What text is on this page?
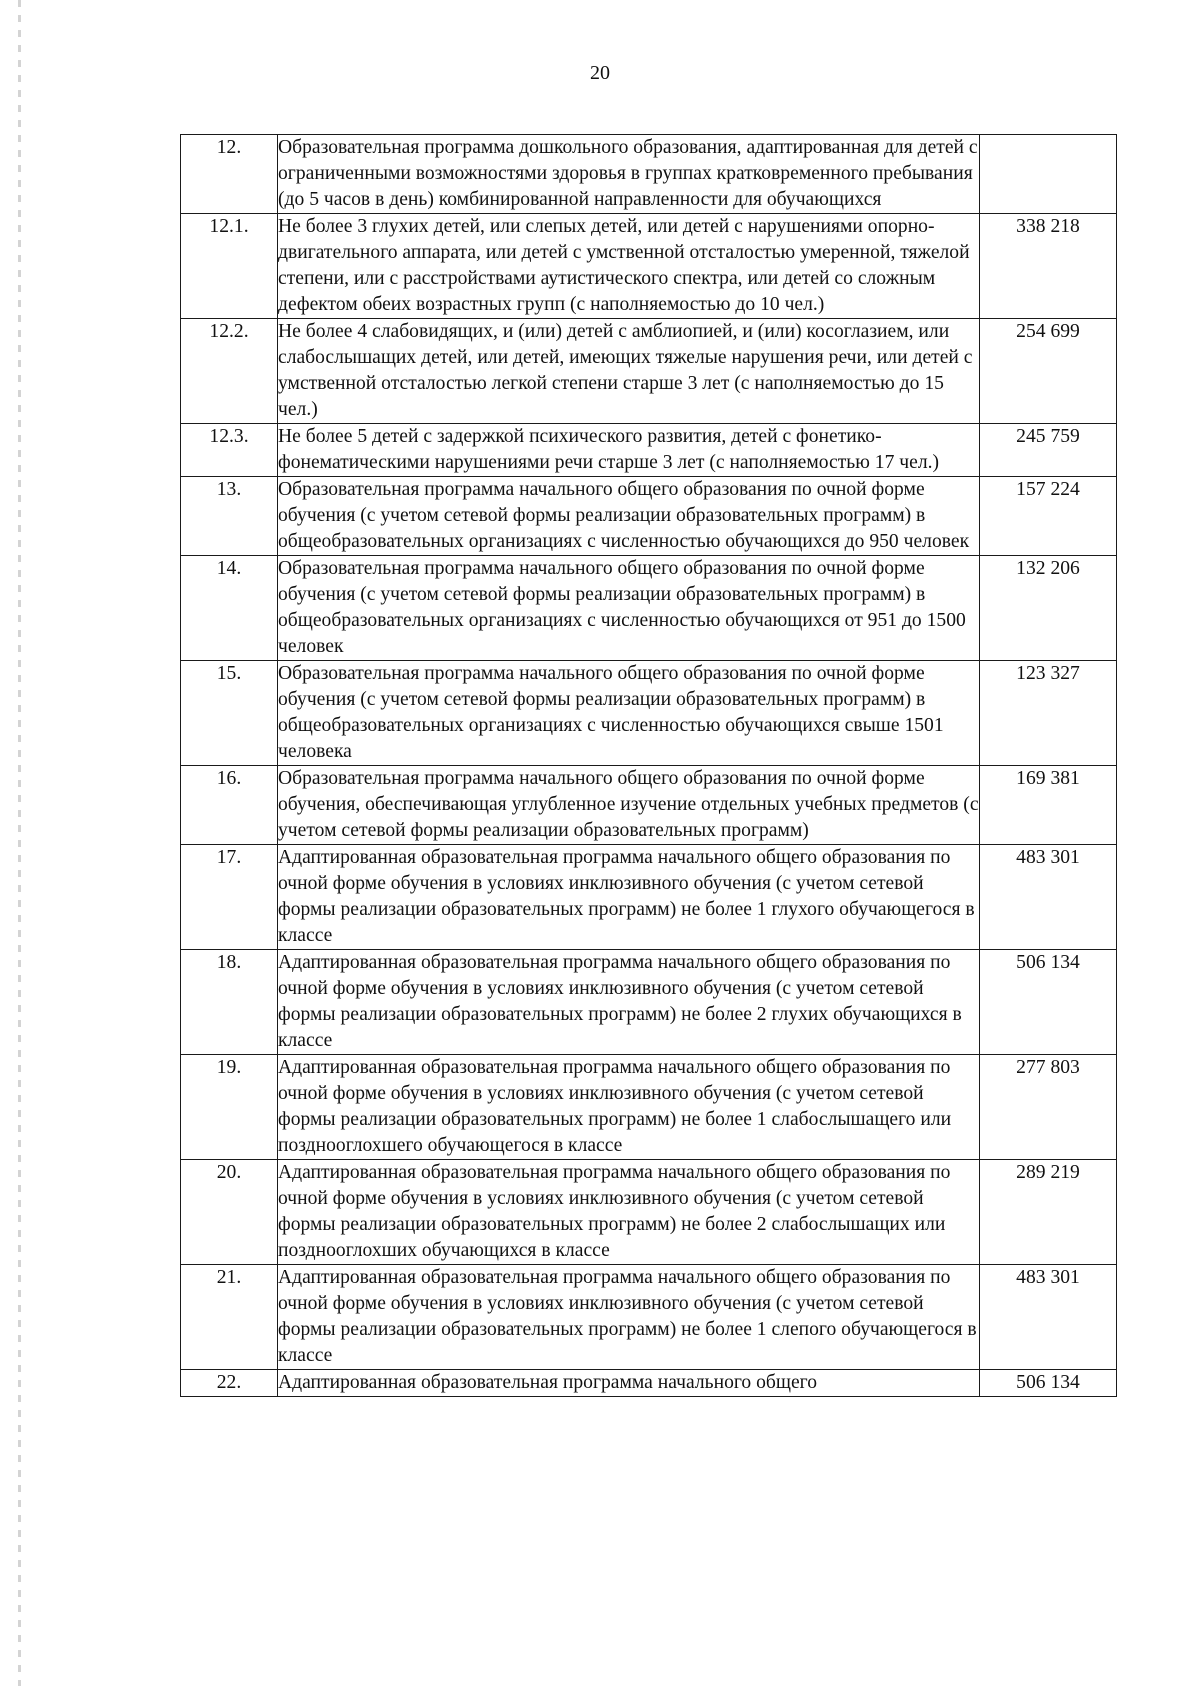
20
12.	Образовательная программа дошкольного образования, адаптированная для детей с ограниченными возможностями здоровья в группах кратковременного пребывания (до 5 часов в день) комбинированной направленности для обучающихся	
12.1.	Не более 3 глухих детей, или слепых детей, или детей с нарушениями опорно-двигательного аппарата, или детей с умственной отсталостью умеренной, тяжелой степени, или с расстройствами аутистического спектра, или детей со сложным дефектом обеих возрастных групп (с наполняемостью до 10 чел.)	338 218
12.2.	Не более 4 слабовидящих, и (или) детей с амблиопией, и (или) косоглазием, или слабослышащих детей, или детей, имеющих тяжелые нарушения речи, или детей с умственной отсталостью легкой степени старше 3 лет (с наполняемостью до 15 чел.)	254 699
12.3.	Не более 5 детей с задержкой психического развития, детей с фонетико-фонематическими нарушениями речи старше 3 лет (с наполняемостью 17 чел.)	245 759
13.	Образовательная программа начального общего образования по очной форме обучения (с учетом сетевой формы реализации образовательных программ) в общеобразовательных организациях с численностью обучающихся до 950 человек	157 224
14.	Образовательная программа начального общего образования по очной форме обучения (с учетом сетевой формы реализации образовательных программ) в общеобразовательных организациях с численностью обучающихся от 951 до 1500 человек	132 206
15.	Образовательная программа начального общего образования по очной форме обучения (с учетом сетевой формы реализации образовательных программ) в общеобразовательных организациях с численностью обучающихся свыше 1501 человека	123 327
16.	Образовательная программа начального общего образования по очной форме обучения, обеспечивающая углубленное изучение отдельных учебных предметов (с учетом сетевой формы реализации образовательных программ)	169 381
17.	Адаптированная образовательная программа начального общего образования по очной форме обучения в условиях инклюзивного обучения (с учетом сетевой формы реализации образовательных программ) не более 1 глухого обучающегося в классе	483 301
18.	Адаптированная образовательная программа начального общего образования по очной форме обучения в условиях инклюзивного обучения (с учетом сетевой формы реализации образовательных программ) не более 2 глухих обучающихся в классе	506 134
19.	Адаптированная образовательная программа начального общего образования по очной форме обучения в условиях инклюзивного обучения (с учетом сетевой формы реализации образовательных программ) не более 1 слабослышащего или позднооглохшего обучающегося в классе	277 803
20.	Адаптированная образовательная программа начального общего образования по очной форме обучения в условиях инклюзивного обучения (с учетом сетевой формы реализации образовательных программ) не более 2 слабослышащих или позднооглохших обучающихся в классе	289 219
21.	Адаптированная образовательная программа начального общего образования по очной форме обучения в условиях инклюзивного обучения (с учетом сетевой формы реализации образовательных программ) не более 1 слепого обучающегося в классе	483 301
22.	Адаптированная образовательная программа начального общего	506 134
